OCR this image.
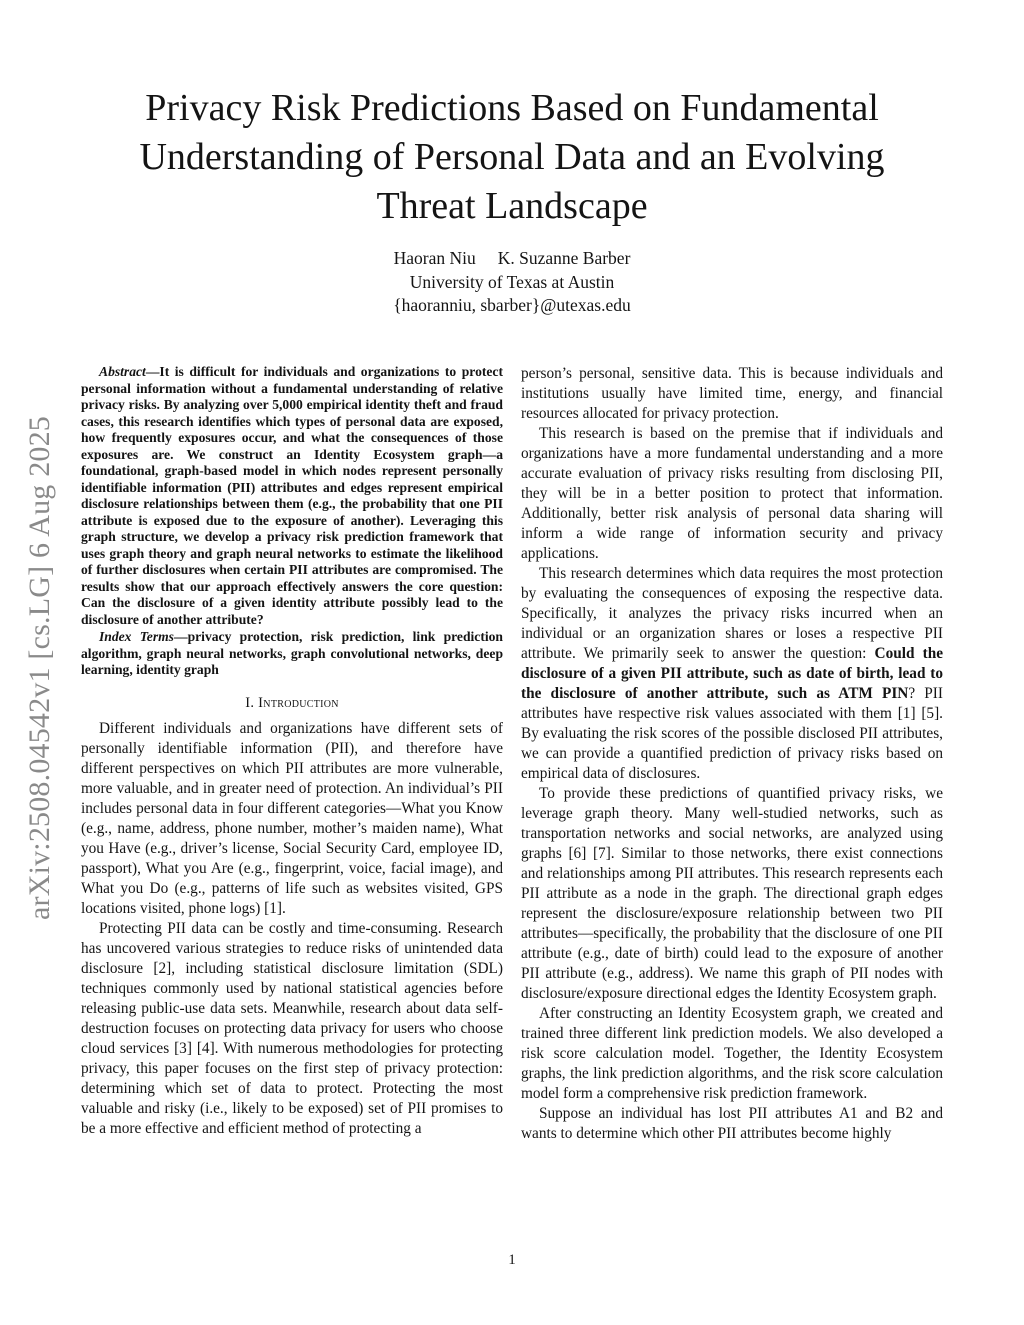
arXiv:2508.04542v1 [cs.LG] 6 Aug 2025
Privacy Risk Predictions Based on Fundamental
Understanding of Personal Data and an Evolving
Threat Landscape
Haoran Niu K. Suzanne Barber
University of Texas at Austin
{haoranniu, sbarber}@utexas.edu

Abstract—It is difficult for individuals and organizations to protect personal information without a fundamental understanding of relative privacy risks. By analyzing over 5,000 empirical identity theft and fraud cases, this research identifies which types of personal data are exposed, how frequently exposures occur, and what the consequences of those exposures are. We construct an Identity Ecosystem graph—a foundational, graph-based model in which nodes represent personally identifiable information (PII) attributes and edges represent empirical disclosure relationships between them (e.g., the probability that one PII attribute is exposed due to the exposure of another). Leveraging this graph structure, we develop a privacy risk prediction framework that uses graph theory and graph neural networks to estimate the likelihood of further disclosures when certain PII attributes are compromised. The results show that our approach effectively answers the core question: Can the disclosure of a given identity attribute possibly lead to the disclosure of another attribute?

Index Terms—privacy protection, risk prediction, link prediction algorithm, graph neural networks, graph convolutional networks, deep learning, identity graph

I. Introduction

Different individuals and organizations have different sets of personally identifiable information (PII), and therefore have different perspectives on which PII attributes are more vulnerable, more valuable, and in greater need of protection. An individual’s PII includes personal data in four different categories—What you Know (e.g., name, address, phone number, mother’s maiden name), What you Have (e.g., driver’s license, Social Security Card, employee ID, passport), What you Are (e.g., fingerprint, voice, facial image), and What you Do (e.g., patterns of life such as websites visited, GPS locations visited, phone logs) [1].

Protecting PII data can be costly and time-consuming. Research has uncovered various strategies to reduce risks of unintended data disclosure [2], including statistical disclosure limitation (SDL) techniques commonly used by national statistical agencies before releasing public-use data sets. Meanwhile, research about data self-destruction focuses on protecting data privacy for users who choose cloud services [3] [4]. With numerous methodologies for protecting privacy, this paper focuses on the first step of privacy protection: determining which set of data to protect. Protecting the most valuable and risky (i.e., likely to be exposed) set of PII promises to be a more effective and efficient method of protecting a

person’s personal, sensitive data. This is because individuals and institutions usually have limited time, energy, and financial resources allocated for privacy protection.

This research is based on the premise that if individuals and organizations have a more fundamental understanding and a more accurate evaluation of privacy risks resulting from disclosing PII, they will be in a better position to protect that information. Additionally, better risk analysis of personal data sharing will inform a wide range of information security and privacy applications.

This research determines which data requires the most protection by evaluating the consequences of exposing the respective data. Specifically, it analyzes the privacy risks incurred when an individual or an organization shares or loses a respective PII attribute. We primarily seek to answer the question: Could the disclosure of a given PII attribute, such as date of birth, lead to the disclosure of another attribute, such as ATM PIN? PII attributes have respective risk values associated with them [1] [5]. By evaluating the risk scores of the possible disclosed PII attributes, we can provide a quantified prediction of privacy risks based on empirical data of disclosures.

To provide these predictions of quantified privacy risks, we leverage graph theory. Many well-studied networks, such as transportation networks and social networks, are analyzed using graphs [6] [7]. Similar to those networks, there exist connections and relationships among PII attributes. This research represents each PII attribute as a node in the graph. The directional graph edges represent the disclosure/exposure relationship between two PII attributes—specifically, the probability that the disclosure of one PII attribute (e.g., date of birth) could lead to the exposure of another PII attribute (e.g., address). We name this graph of PII nodes with disclosure/exposure directional edges the Identity Ecosystem graph.

After constructing an Identity Ecosystem graph, we created and trained three different link prediction models. We also developed a risk score calculation model. Together, the Identity Ecosystem graphs, the link prediction algorithms, and the risk score calculation model form a comprehensive risk prediction framework.

Suppose an individual has lost PII attributes A1 and B2 and wants to determine which other PII attributes become highly

1
